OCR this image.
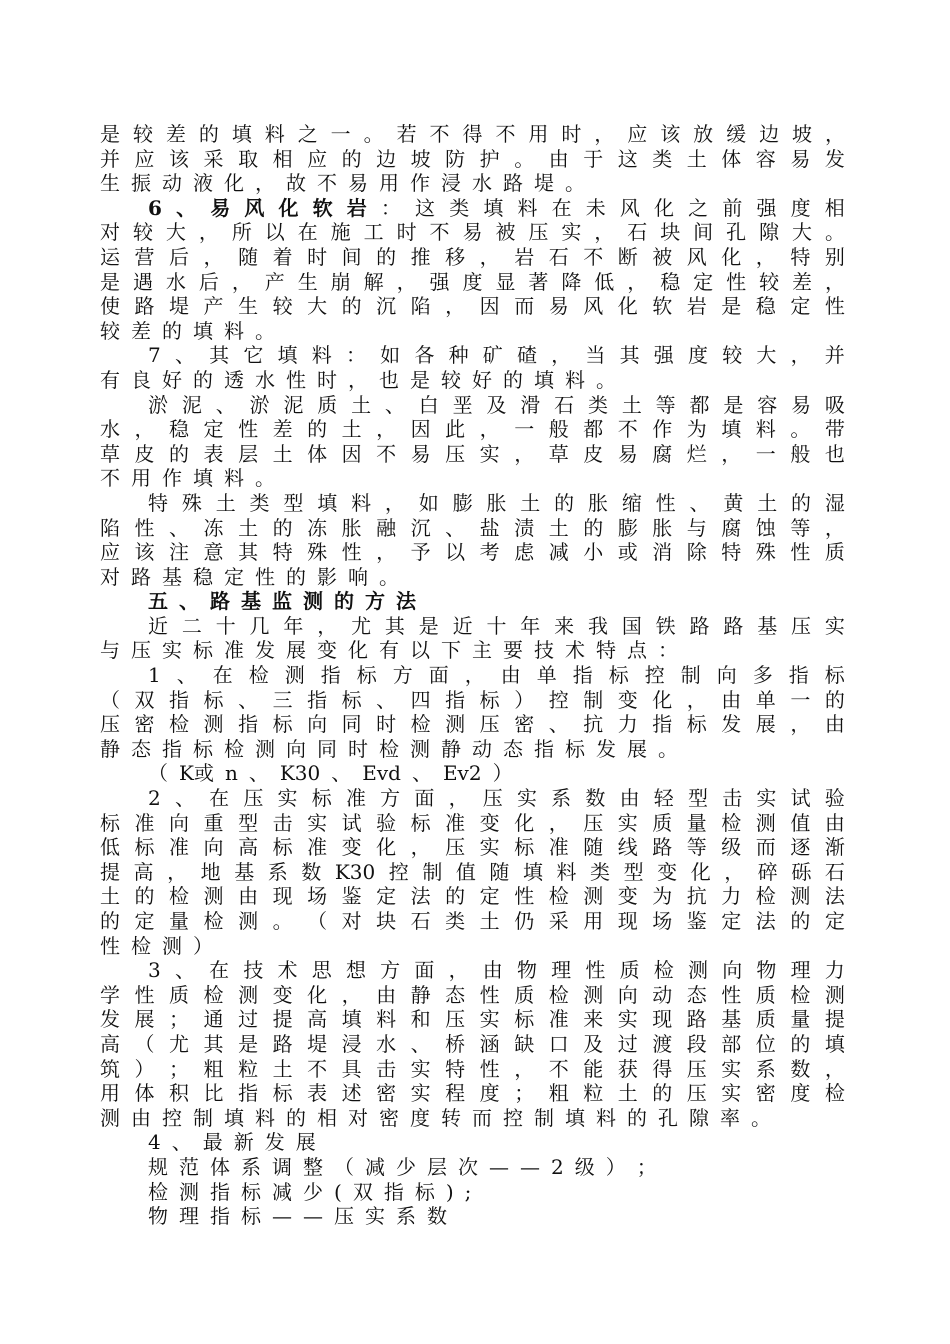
是 较 差 的 填 料 之 一 。 若 不 得 不 用 时 ， 应 该 放 缓 边 坡 ，
并 应 该 采 取 相 应 的 边 坡 防 护 。 由 于 这 类 土 体 容 易 发
生 振 动 液 化 ， 故 不 易 用 作 浸 水 路 堤 。
6 、 易 风 化 软 岩 ： 这 类 填 料 在 未 风 化 之 前 强 度 相
对 较 大 ， 所 以 在 施 工 时 不 易 被 压 实 ， 石 块 间 孔 隙 大 。
运 营 后 ， 随 着 时 间 的 推 移 ， 岩 石 不 断 被 风 化 ， 特 别
是 遇 水 后 ， 产 生 崩 解 ， 强 度 显 著 降 低 ， 稳 定 性 较 差 ，
使 路 堤 产 生 较 大 的 沉 陷 ， 因 而 易 风 化 软 岩 是 稳 定 性
较 差 的 填 料 。
7 、 其 它 填 料 ： 如 各 种 矿 碴 ， 当 其 强 度 较 大 ， 并
有 良 好 的 透 水 性 时 ， 也 是 较 好 的 填 料 。
淤 泥 、 淤 泥 质 土 、 白 垩 及 滑 石 类 土 等 都 是 容 易 吸
水 ， 稳 定 性 差 的 土 ， 因 此 ， 一 般 都 不 作 为 填 料 。 带
草 皮 的 表 层 土 体 因 不 易 压 实 ， 草 皮 易 腐 烂 ， 一 般 也
不 用 作 填 料 。
特 殊 土 类 型 填 料 ， 如 膨 胀 土 的 胀 缩 性 、 黄 土 的 湿
陷 性 、 冻 土 的 冻 胀 融 沉 、 盐 渍 土 的 膨 胀 与 腐 蚀 等 ，
应 该 注 意 其 特 殊 性 ， 予 以 考 虑 减 小 或 消 除 特 殊 性 质
对 路 基 稳 定 性 的 影 响 。
五 、 路 基 监 测 的 方 法
近 二 十 几 年 ， 尤 其 是 近 十 年 来 我 国 铁 路 路 基 压 实
与 压 实 标 准 发 展 变 化 有 以 下 主 要 技 术 特 点 ：
1 、 在 检 测 指 标 方 面 ， 由 单 指 标 控 制 向 多 指 标
（ 双 指 标 、 三 指 标 、 四 指 标 ） 控 制 变 化 ， 由 单 一 的
压 密 检 测 指 标 向 同 时 检 测 压 密 、 抗 力 指 标 发 展 ， 由
静 态 指 标 检 测 向 同 时 检 测 静 动 态 指 标 发 展 。
（ K或 n 、 K30 、 Evd 、 Ev2 ）
2 、 在 压 实 标 准 方 面 ， 压 实 系 数 由 轻 型 击 实 试 验
标 准 向 重 型 击 实 试 验 标 准 变 化 ， 压 实 质 量 检 测 值 由
低 标 准 向 高 标 准 变 化 ， 压 实 标 准 随 线 路 等 级 而 逐 渐
提 高 ， 地 基 系 数 K30 控 制 值 随 填 料 类 型 变 化 ， 碎 砾 石
土 的 检 测 由 现 场 鉴 定 法 的 定 性 检 测 变 为 抗 力 检 测 法
的 定 量 检 测 。 （ 对 块 石 类 土 仍 采 用 现 场 鉴 定 法 的 定
性 检 测 ）
3 、 在 技 术 思 想 方 面 ， 由 物 理 性 质 检 测 向 物 理 力
学 性 质 检 测 变 化 ， 由 静 态 性 质 检 测 向 动 态 性 质 检 测
发 展 ； 通 过 提 高 填 料 和 压 实 标 准 来 实 现 路 基 质 量 提
高 （ 尤 其 是 路 堤 浸 水 、 桥 涵 缺 口 及 过 渡 段 部 位 的 填
筑 ） ； 粗 粒 土 不 具 击 实 特 性 ， 不 能 获 得 压 实 系 数 ，
用 体 积 比 指 标 表 述 密 实 程 度 ； 粗 粒 土 的 压 实 密 度 检
测 由 控 制 填 料 的 相 对 密 度 转 而 控 制 填 料 的 孔 隙 率 。
4 、 最 新 发 展
规 范 体 系 调 整 （ 减 少 层 次 — — 2 级 ） ；
检 测 指 标 减 少 ( 双 指 标 ) ;
物 理 指 标 — — 压 实 系 数
